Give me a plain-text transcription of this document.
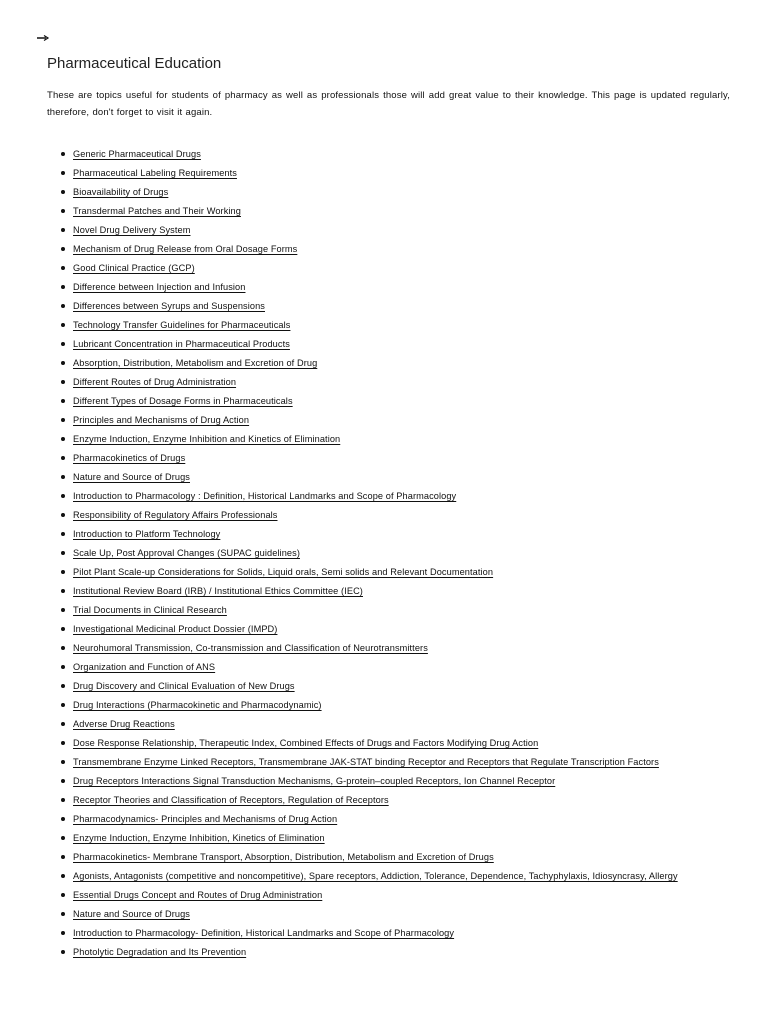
Pharmaceutical Education

These are topics useful for students of pharmacy as well as professionals those will add great value to their knowledge. This page is updated regularly, therefore, don't forget to visit it again.

Generic Pharmaceutical Drugs
Pharmaceutical Labeling Requirements
Bioavailability of Drugs
Transdermal Patches and Their Working
Novel Drug Delivery System
Mechanism of Drug Release from Oral Dosage Forms
Good Clinical Practice (GCP)
Difference between Injection and Infusion
Differences between Syrups and Suspensions
Technology Transfer Guidelines for Pharmaceuticals
Lubricant Concentration in Pharmaceutical Products
Absorption, Distribution, Metabolism and Excretion of Drug
Different Routes of Drug Administration
Different Types of Dosage Forms in Pharmaceuticals
Principles and Mechanisms of Drug Action
Enzyme Induction, Enzyme Inhibition and Kinetics of Elimination
Pharmacokinetics of Drugs
Nature and Source of Drugs
Introduction to Pharmacology : Definition, Historical Landmarks and Scope of Pharmacology
Responsibility of Regulatory Affairs Professionals
Introduction to Platform Technology
Scale Up, Post Approval Changes (SUPAC guidelines)
Pilot Plant Scale-up Considerations for Solids, Liquid orals, Semi solids and Relevant Documentation
Institutional Review Board (IRB) / Institutional Ethics Committee (IEC)
Trial Documents in Clinical Research
Investigational Medicinal Product Dossier (IMPD)
Neurohumoral Transmission, Co-transmission and Classification of Neurotransmitters
Organization and Function of ANS
Drug Discovery and Clinical Evaluation of New Drugs
Drug Interactions (Pharmacokinetic and Pharmacodynamic)
Adverse Drug Reactions
Dose Response Relationship, Therapeutic Index, Combined Effects of Drugs and Factors Modifying Drug Action
Transmembrane Enzyme Linked Receptors, Transmembrane JAK-STAT binding Receptor and Receptors that Regulate Transcription Factors
Drug Receptors Interactions Signal Transduction Mechanisms, G-protein–coupled Receptors, Ion Channel Receptor
Receptor Theories and Classification of Receptors, Regulation of Receptors
Pharmacodynamics- Principles and Mechanisms of Drug Action
Enzyme Induction, Enzyme Inhibition, Kinetics of Elimination
Pharmacokinetics- Membrane Transport, Absorption, Distribution, Metabolism and Excretion of Drugs
Agonists, Antagonists (competitive and noncompetitive), Spare receptors, Addiction, Tolerance, Dependence, Tachyphylaxis, Idiosyncrasy, Allergy
Essential Drugs Concept and Routes of Drug Administration
Nature and Source of Drugs
Introduction to Pharmacology- Definition, Historical Landmarks and Scope of Pharmacology
Photolytic Degradation and Its Prevention
